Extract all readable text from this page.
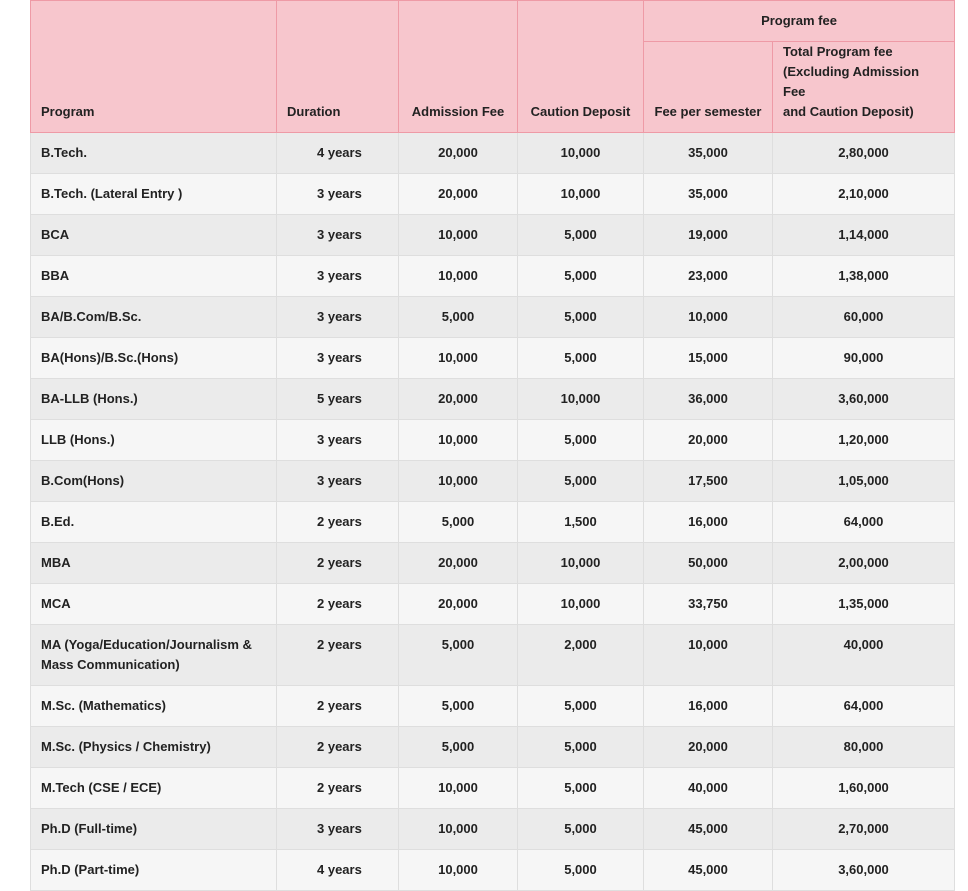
Program	Duration	Admission Fee	Caution Deposit	Program fee	
				Fee per semester	Total Program fee
(Excluding Admission Fee
and Caution Deposit)
B.Tech.	4 years	20,000	10,000	35,000	2,80,000
B.Tech. (Lateral Entry )	3 years	20,000	10,000	35,000	2,10,000
BCA	3 years	10,000	5,000	19,000	1,14,000
BBA	3 years	10,000	5,000	23,000	1,38,000
BA/B.Com/B.Sc.	3 years	5,000	5,000	10,000	60,000
BA(Hons)/B.Sc.(Hons)	3 years	10,000	5,000	15,000	90,000
BA-LLB (Hons.)	5 years	20,000	10,000	36,000	3,60,000
LLB (Hons.)	3 years	10,000	5,000	20,000	1,20,000
B.Com(Hons)	3 years	10,000	5,000	17,500	1,05,000
B.Ed.	2 years	5,000	1,500	16,000	64,000
MBA	2 years	20,000	10,000	50,000	2,00,000
MCA	2 years	20,000	10,000	33,750	1,35,000
MA (Yoga/Education/Journalism & Mass Communication)	2 years	5,000	2,000	10,000	40,000
M.Sc. (Mathematics)	2 years	5,000	5,000	16,000	64,000
M.Sc. (Physics / Chemistry)	2 years	5,000	5,000	20,000	80,000
M.Tech (CSE / ECE)	2 years	10,000	5,000	40,000	1,60,000
Ph.D (Full-time)	3 years	10,000	5,000	45,000	2,70,000
Ph.D (Part-time)	4 years	10,000	5,000	45,000	3,60,000
